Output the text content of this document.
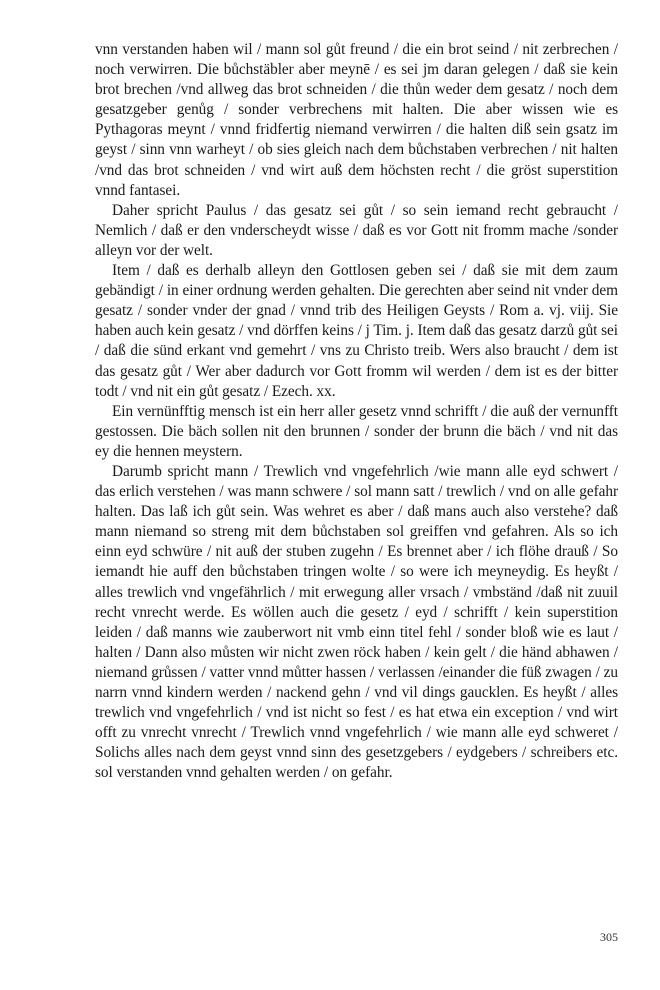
vnn verstanden haben wil / mann sol gůt freund / die ein brot seind / nit zerbrechen / noch verwirren. Die bůchstäbler aber meynē / es sei jm daran gelegen / daß sie kein brot brechen /vnd allweg das brot schneiden / die thůn weder dem gesatz / noch dem gesatzgeber genůg / sonder verbrechens mit halten. Die aber wissen wie es Pythagoras meynt / vnnd fridfertig niemand verwirren / die halten diß sein gsatz im geyst / sinn vnn warheyt / ob sies gleich nach dem bůchstaben verbrechen / nit halten /vnd das brot schneiden / vnd wirt auß dem höchsten recht / die gröst superstition vnnd fantasei.

Daher spricht Paulus / das gesatz sei gůt / so sein iemand recht gebraucht / Nemlich / daß er den vnderscheydt wisse / daß es vor Gott nit fromm mache /sonder alleyn vor der welt.

Item / daß es derhalb alleyn den Gottlosen geben sei / daß sie mit dem zaum gebändigt / in einer ordnung werden gehalten. Die gerechten aber seind nit vnder dem gesatz / sonder vnder der gnad / vnnd trib des Heiligen Geysts / Rom a. vj. viij. Sie haben auch kein gesatz / vnd dörffen keins / j Tim. j. Item daß das gesatz darzů gůt sei / daß die sünd erkant vnd gemehrt / vns zu Christo treib. Wers also braucht / dem ist das gesatz gůt / Wer aber dadurch vor Gott fromm wil werden / dem ist es der bitter todt / vnd nit ein gůt gesatz / Ezech. xx.

Ein vernünfftig mensch ist ein herr aller gesetz vnnd schrifft / die auß der vernunfft gestossen. Die bäch sollen nit den brunnen / sonder der brunn die bäch / vnd nit das ey die hennen meystern.

Darumb spricht mann / Trewlich vnd vngefehrlich /wie mann alle eyd schwert / das erlich verstehen / was mann schwere / sol mann satt / trewlich / vnd on alle gefahr halten. Das laß ich gůt sein. Was wehret es aber / daß mans auch also verstehe? daß mann niemand so streng mit dem bůchstaben sol greiffen vnd gefahren. Als so ich einn eyd schwüre / nit auß der stuben zugehn / Es brennet aber / ich flöhe drauß / So iemandt hie auff den bůchstaben tringen wolte / so were ich meyneydig. Es heyßt / alles trewlich vnd vngefährlich / mit erwegung aller vrsach / vmbständ /daß nit zuuil recht vnrecht werde. Es wöllen auch die gesetz / eyd / schrifft / kein superstition leiden / daß manns wie zauberwort nit vmb einn titel fehl / sonder bloß wie es laut / halten / Dann also můsten wir nicht zwen röck haben / kein gelt / die händ abhawen / niemand grůssen / vatter vnnd můtter hassen / verlassen /einander die füß zwagen / zu narrn vnnd kindern werden / nackend gehn / vnd vil dings gaucklen. Es heyßt / alles trewlich vnd vngefehrlich / vnd ist nicht so fest / es hat etwa ein exception / vnd wirt offt zu vnrecht vnrecht / Trewlich vnnd vngefehrlich / wie mann alle eyd schweret / Solichs alles nach dem geyst vnnd sinn des gesetzgebers / eydgebers / schreibers etc. sol verstanden vnnd gehalten werden / on gefahr.

305
